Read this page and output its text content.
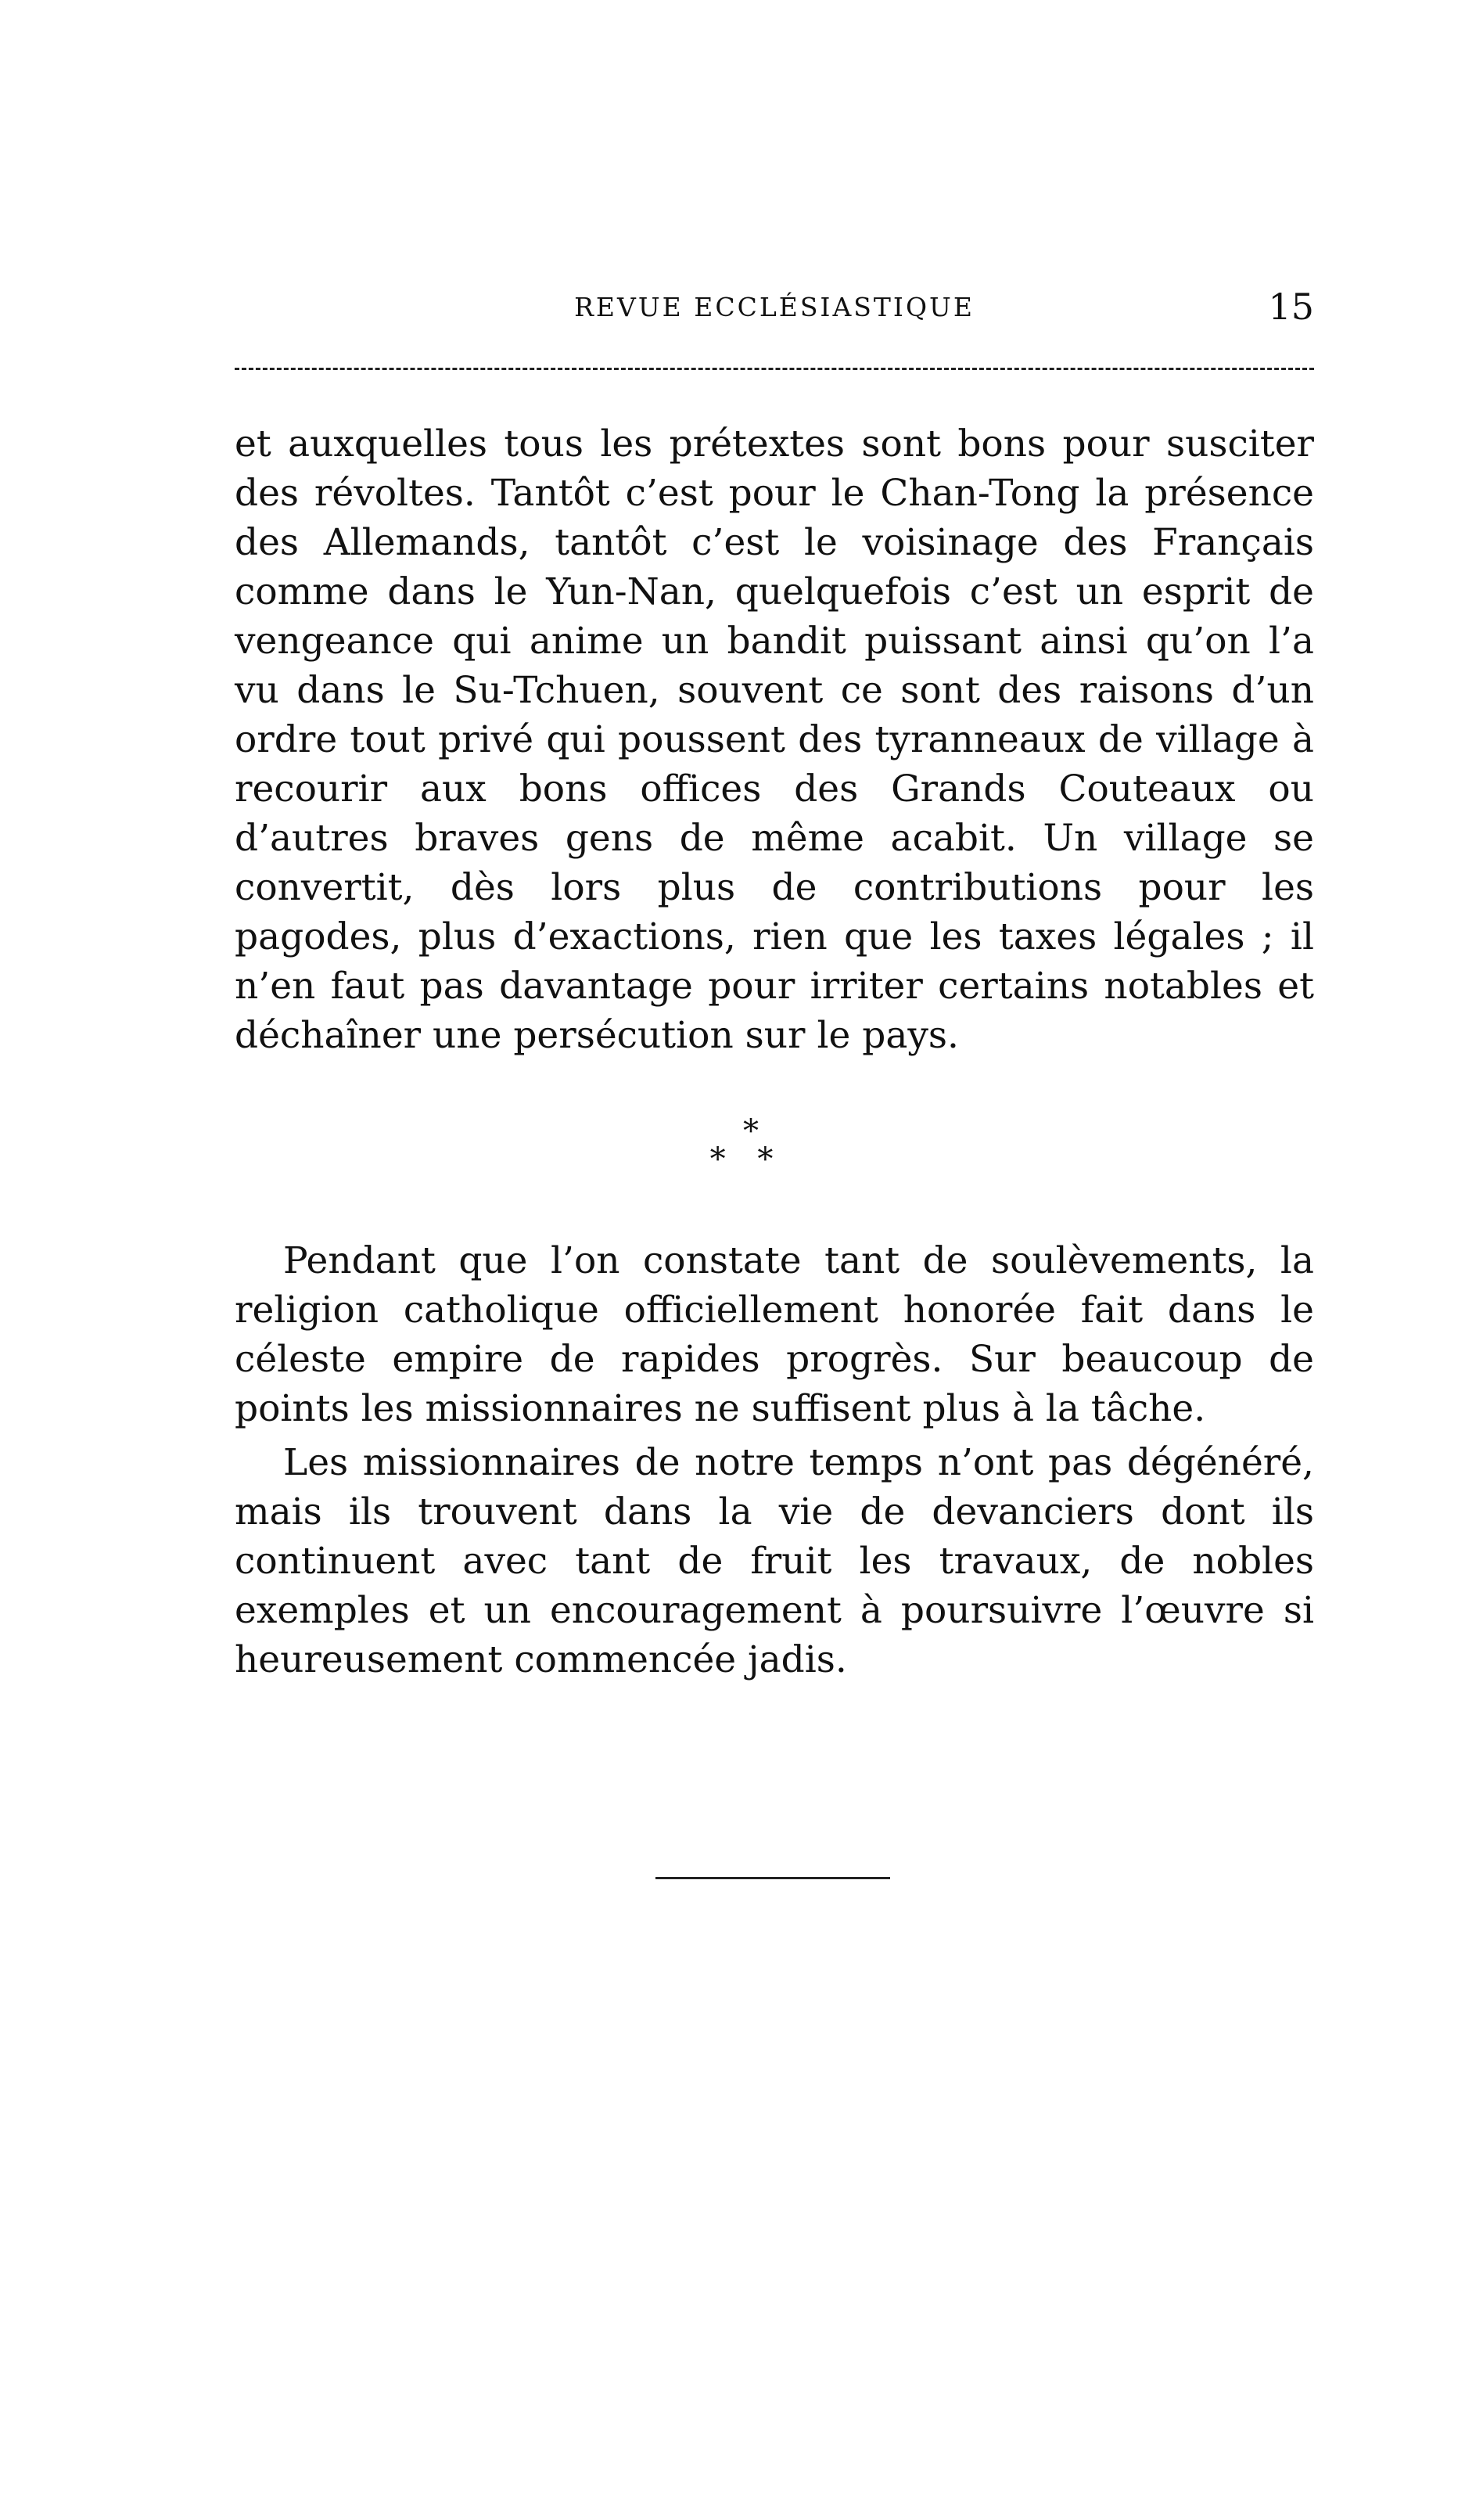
REVUE ECCLÉSIASTIQUE	15

et auxquelles tous les prétextes sont bons pour susciter des révoltes. Tantôt c’est pour le Chan-Tong la présence des Allemands, tantôt c’est le voisinage des Français comme dans le Yun-Nan, quelquefois c’est un esprit de vengeance qui anime un bandit puissant ainsi qu’on l’a vu dans le Su-Tchuen, souvent ce sont des raisons d’un ordre tout privé qui poussent des tyranneaux de village à recourir aux bons offices des Grands Couteaux ou d’autres braves gens de même acabit. Un village se convertit, dès lors plus de contributions pour les pagodes, plus d’exactions, rien que les taxes légales ; il n’en faut pas davantage pour irriter certains notables et déchaîner une persécution sur le pays.

*
* *

Pendant que l’on constate tant de soulèvements, la religion catholique officiellement honorée fait dans le céleste empire de rapides progrès. Sur beaucoup de points les missionnaires ne suffisent plus à la tâche.

Les missionnaires de notre temps n’ont pas dégénéré, mais ils trouvent dans la vie de devanciers dont ils continuent avec tant de fruit les travaux, de nobles exemples et un encouragement à poursuivre l’œuvre si heureusement commencée jadis.
